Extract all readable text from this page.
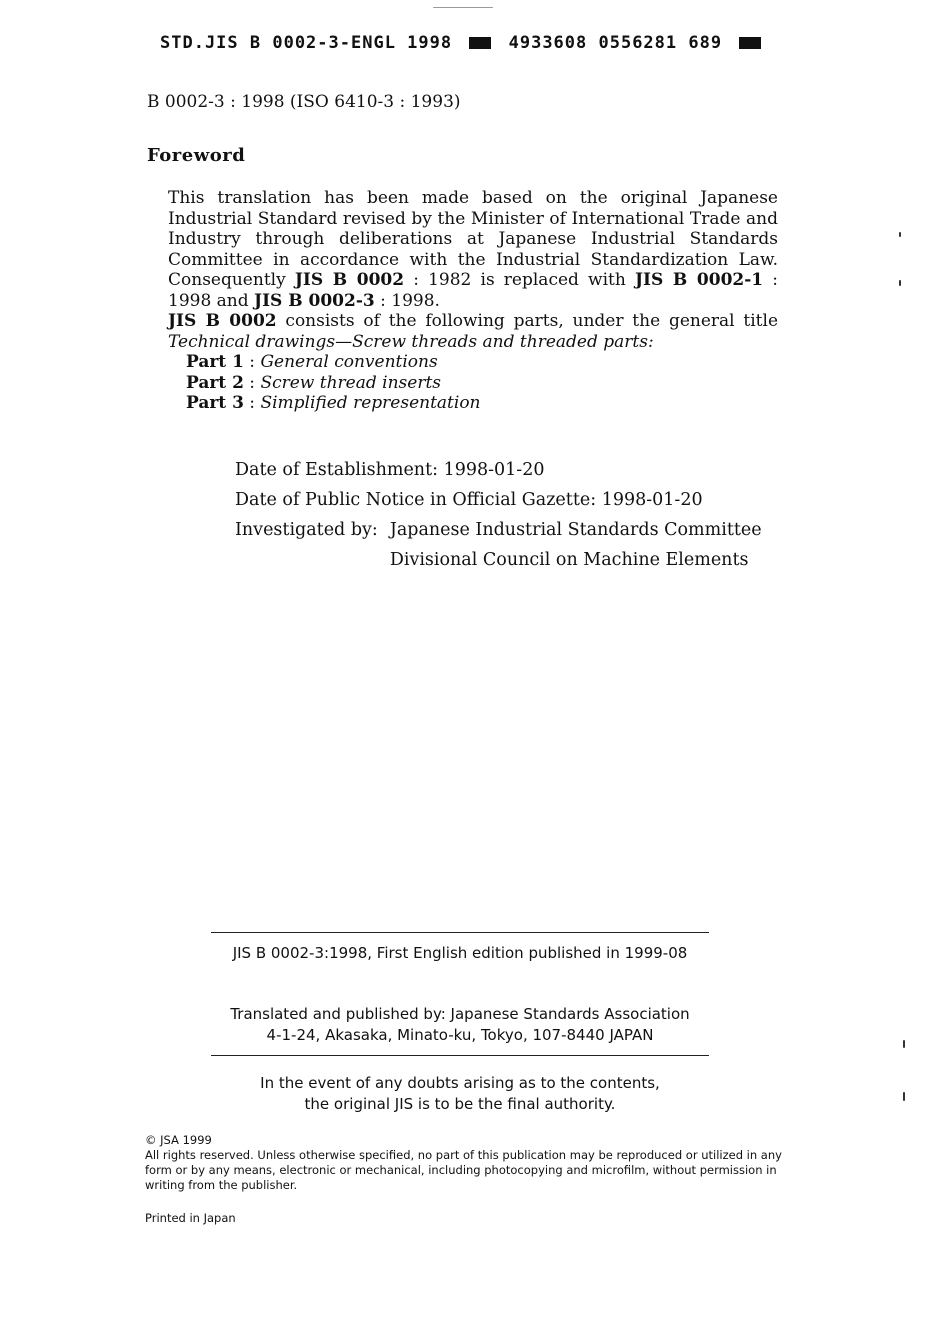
STD.JIS B 0002-3-ENGL 1998	4933608 0556281 689
B 0002-3 : 1998 (ISO 6410-3 : 1993)
Foreword

This translation has been made based on the original Japanese Industrial Standard revised by the Minister of International Trade and Industry through deliberations at Japanese Industrial Standards Committee in accordance with the Industrial Standardization Law. Consequently JIS B 0002 : 1982 is replaced with JIS B 0002-1 : 1998 and JIS B 0002-3 : 1998.

JIS B 0002 consists of the following parts, under the general title Technical drawings—Screw threads and threaded parts:

Part 1 : General conventions
Part 2 : Screw thread inserts
Part 3 : Simplified representation
Date of Establishment: 1998-01-20
Date of Public Notice in Official Gazette: 1998-01-20
Investigated by: Japanese Industrial Standards Committee
Divisional Council on Machine Elements
JIS B 0002-3:1998, First English edition published in 1999-08
Translated and published by: Japanese Standards Association
4-1-24, Akasaka, Minato-ku, Tokyo, 107-8440 JAPAN
In the event of any doubts arising as to the contents,
the original JIS is to be the final authority.
© JSA 1999
All rights reserved. Unless otherwise specified, no part of this publication may be reproduced or utilized in any form or by any means, electronic or mechanical, including photocopying and microfilm, without permission in writing from the publisher.
Printed in Japan
